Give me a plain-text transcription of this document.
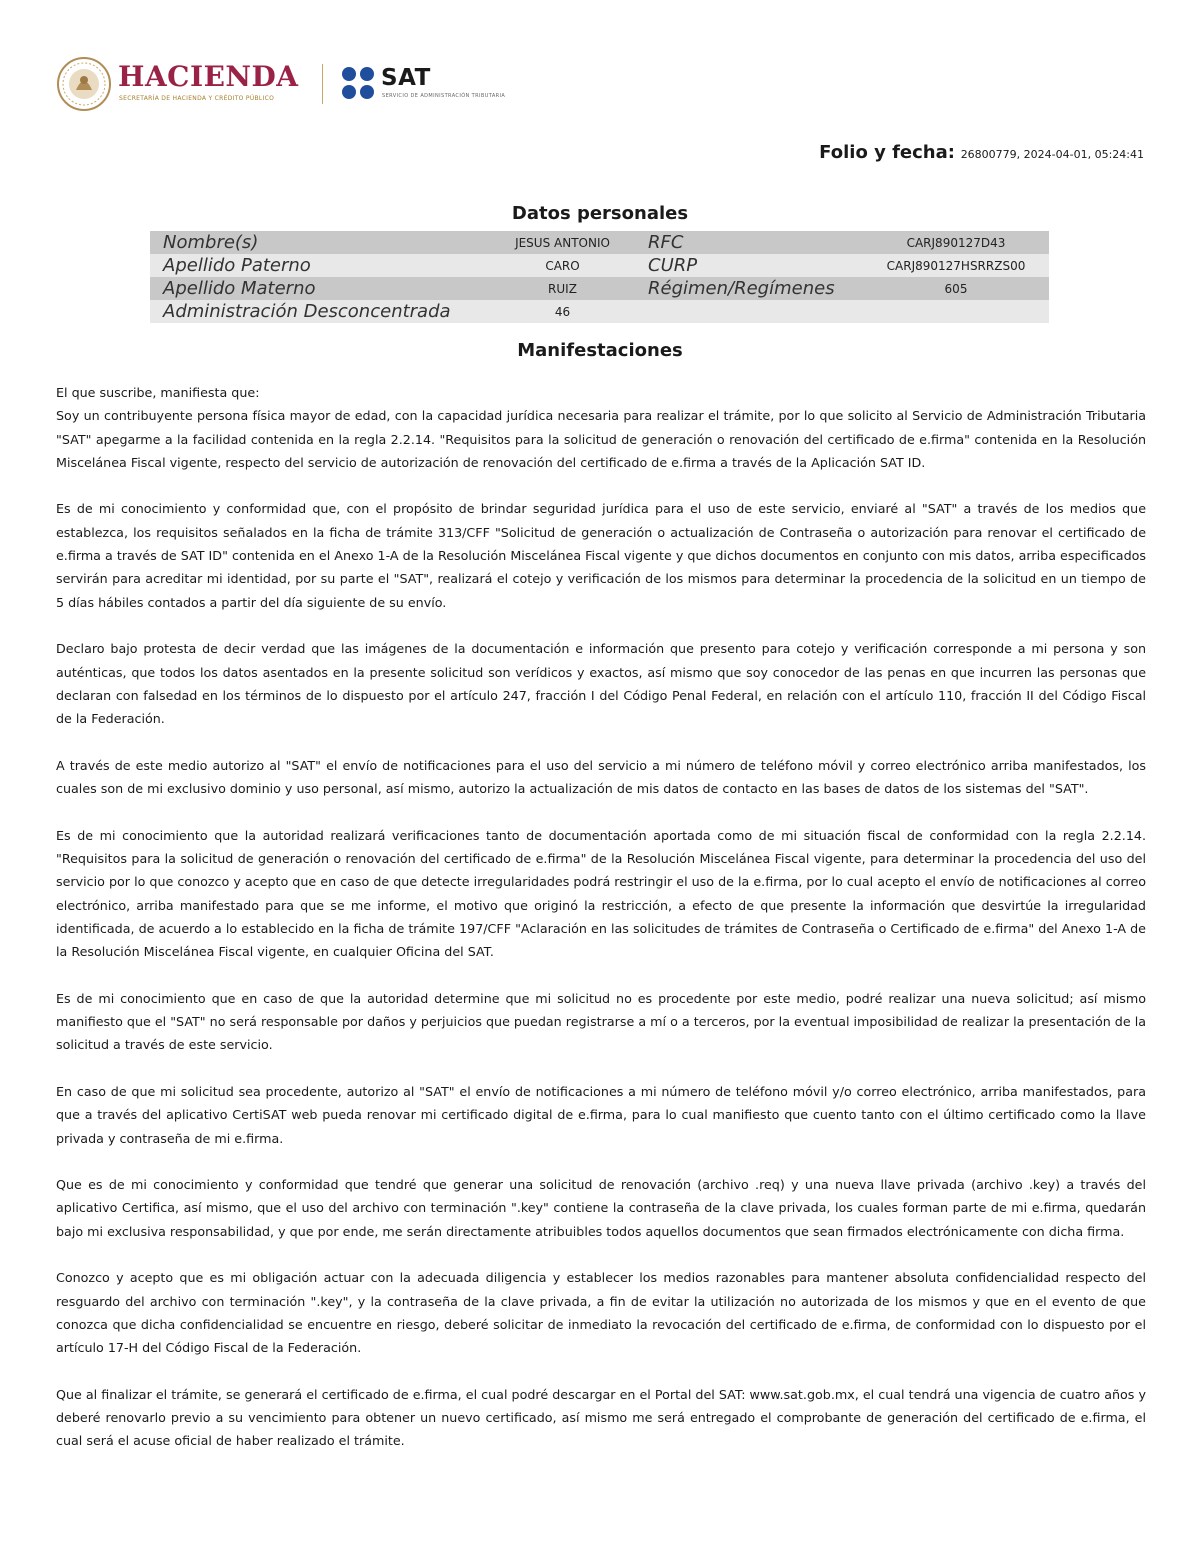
HACIENDA
SECRETARÍA DE HACIENDA Y CRÉDITO PÚBLICO
SAT
SERVICIO DE ADMINISTRACIÓN TRIBUTARIA
Folio y fecha: 26800779, 2024-04-01, 05:24:41
Datos personales
Nombre(s)	JESUS ANTONIO	RFC	CARJ890127D43
Apellido Paterno	CARO	CURP	CARJ890127HSRRZS00
Apellido Materno	RUIZ	Régimen/Regímenes	605
Administración Desconcentrada	46		
Manifestaciones

El que suscribe, manifiesta que:

Soy un contribuyente persona física mayor de edad, con la capacidad jurídica necesaria para realizar el trámite, por lo que solicito al Servicio de Administración Tributaria "SAT" apegarme a la facilidad contenida en la regla 2.2.14. "Requisitos para la solicitud de generación o renovación del certificado de e.firma" contenida en la Resolución Miscelánea Fiscal vigente, respecto del servicio de autorización de renovación del certificado de e.firma a través de la Aplicación SAT ID.

Es de mi conocimiento y conformidad que, con el propósito de brindar seguridad jurídica para el uso de este servicio, enviaré al "SAT" a través de los medios que establezca, los requisitos señalados en la ficha de trámite 313/CFF "Solicitud de generación o actualización de Contraseña o autorización para renovar el certificado de e.firma a través de SAT ID" contenida en el Anexo 1-A de la Resolución Miscelánea Fiscal vigente y que dichos documentos en conjunto con mis datos, arriba especificados servirán para acreditar mi identidad, por su parte el "SAT", realizará el cotejo y verificación de los mismos para determinar la procedencia de la solicitud en un tiempo de 5 días hábiles contados a partir del día siguiente de su envío.

Declaro bajo protesta de decir verdad que las imágenes de la documentación e información que presento para cotejo y verificación corresponde a mi persona y son auténticas, que todos los datos asentados en la presente solicitud son verídicos y exactos, así mismo que soy conocedor de las penas en que incurren las personas que declaran con falsedad en los términos de lo dispuesto por el artículo 247, fracción I del Código Penal Federal, en relación con el artículo 110, fracción II del Código Fiscal de la Federación.

A través de este medio autorizo al "SAT" el envío de notificaciones para el uso del servicio a mi número de teléfono móvil y correo electrónico arriba manifestados, los cuales son de mi exclusivo dominio y uso personal, así mismo, autorizo la actualización de mis datos de contacto en las bases de datos de los sistemas del "SAT".

Es de mi conocimiento que la autoridad realizará verificaciones tanto de documentación aportada como de mi situación fiscal de conformidad con la regla 2.2.14. "Requisitos para la solicitud de generación o renovación del certificado de e.firma" de la Resolución Miscelánea Fiscal vigente, para determinar la procedencia del uso del servicio por lo que conozco y acepto que en caso de que detecte irregularidades podrá restringir el uso de la e.firma, por lo cual acepto el envío de notificaciones al correo electrónico, arriba manifestado para que se me informe, el motivo que originó la restricción, a efecto de que presente la información que desvirtúe la irregularidad identificada, de acuerdo a lo establecido en la ficha de trámite 197/CFF "Aclaración en las solicitudes de trámites de Contraseña o Certificado de e.firma" del Anexo 1-A de la Resolución Miscelánea Fiscal vigente, en cualquier Oficina del SAT.

Es de mi conocimiento que en caso de que la autoridad determine que mi solicitud no es procedente por este medio, podré realizar una nueva solicitud; así mismo manifiesto que el "SAT" no será responsable por daños y perjuicios que puedan registrarse a mí o a terceros, por la eventual imposibilidad de realizar la presentación de la solicitud a través de este servicio.

En caso de que mi solicitud sea procedente, autorizo al "SAT" el envío de notificaciones a mi número de teléfono móvil y/o correo electrónico, arriba manifestados, para que a través del aplicativo CertiSAT web pueda renovar mi certificado digital de e.firma, para lo cual manifiesto que cuento tanto con el último certificado como la llave privada y contraseña de mi e.firma.

Que es de mi conocimiento y conformidad que tendré que generar una solicitud de renovación (archivo .req) y una nueva llave privada (archivo .key) a través del aplicativo Certifica, así mismo, que el uso del archivo con terminación ".key" contiene la contraseña de la clave privada, los cuales forman parte de mi e.firma, quedarán bajo mi exclusiva responsabilidad, y que por ende, me serán directamente atribuibles todos aquellos documentos que sean firmados electrónicamente con dicha firma.

Conozco y acepto que es mi obligación actuar con la adecuada diligencia y establecer los medios razonables para mantener absoluta confidencialidad respecto del resguardo del archivo con terminación ".key", y la contraseña de la clave privada, a fin de evitar la utilización no autorizada de los mismos y que en el evento de que conozca que dicha confidencialidad se encuentre en riesgo, deberé solicitar de inmediato la revocación del certificado de e.firma, de conformidad con lo dispuesto por el artículo 17-H del Código Fiscal de la Federación.

Que al finalizar el trámite, se generará el certificado de e.firma, el cual podré descargar en el Portal del SAT: www.sat.gob.mx, el cual tendrá una vigencia de cuatro años y deberé renovarlo previo a su vencimiento para obtener un nuevo certificado, así mismo me será entregado el comprobante de generación del certificado de e.firma, el cual será el acuse oficial de haber realizado el trámite.
